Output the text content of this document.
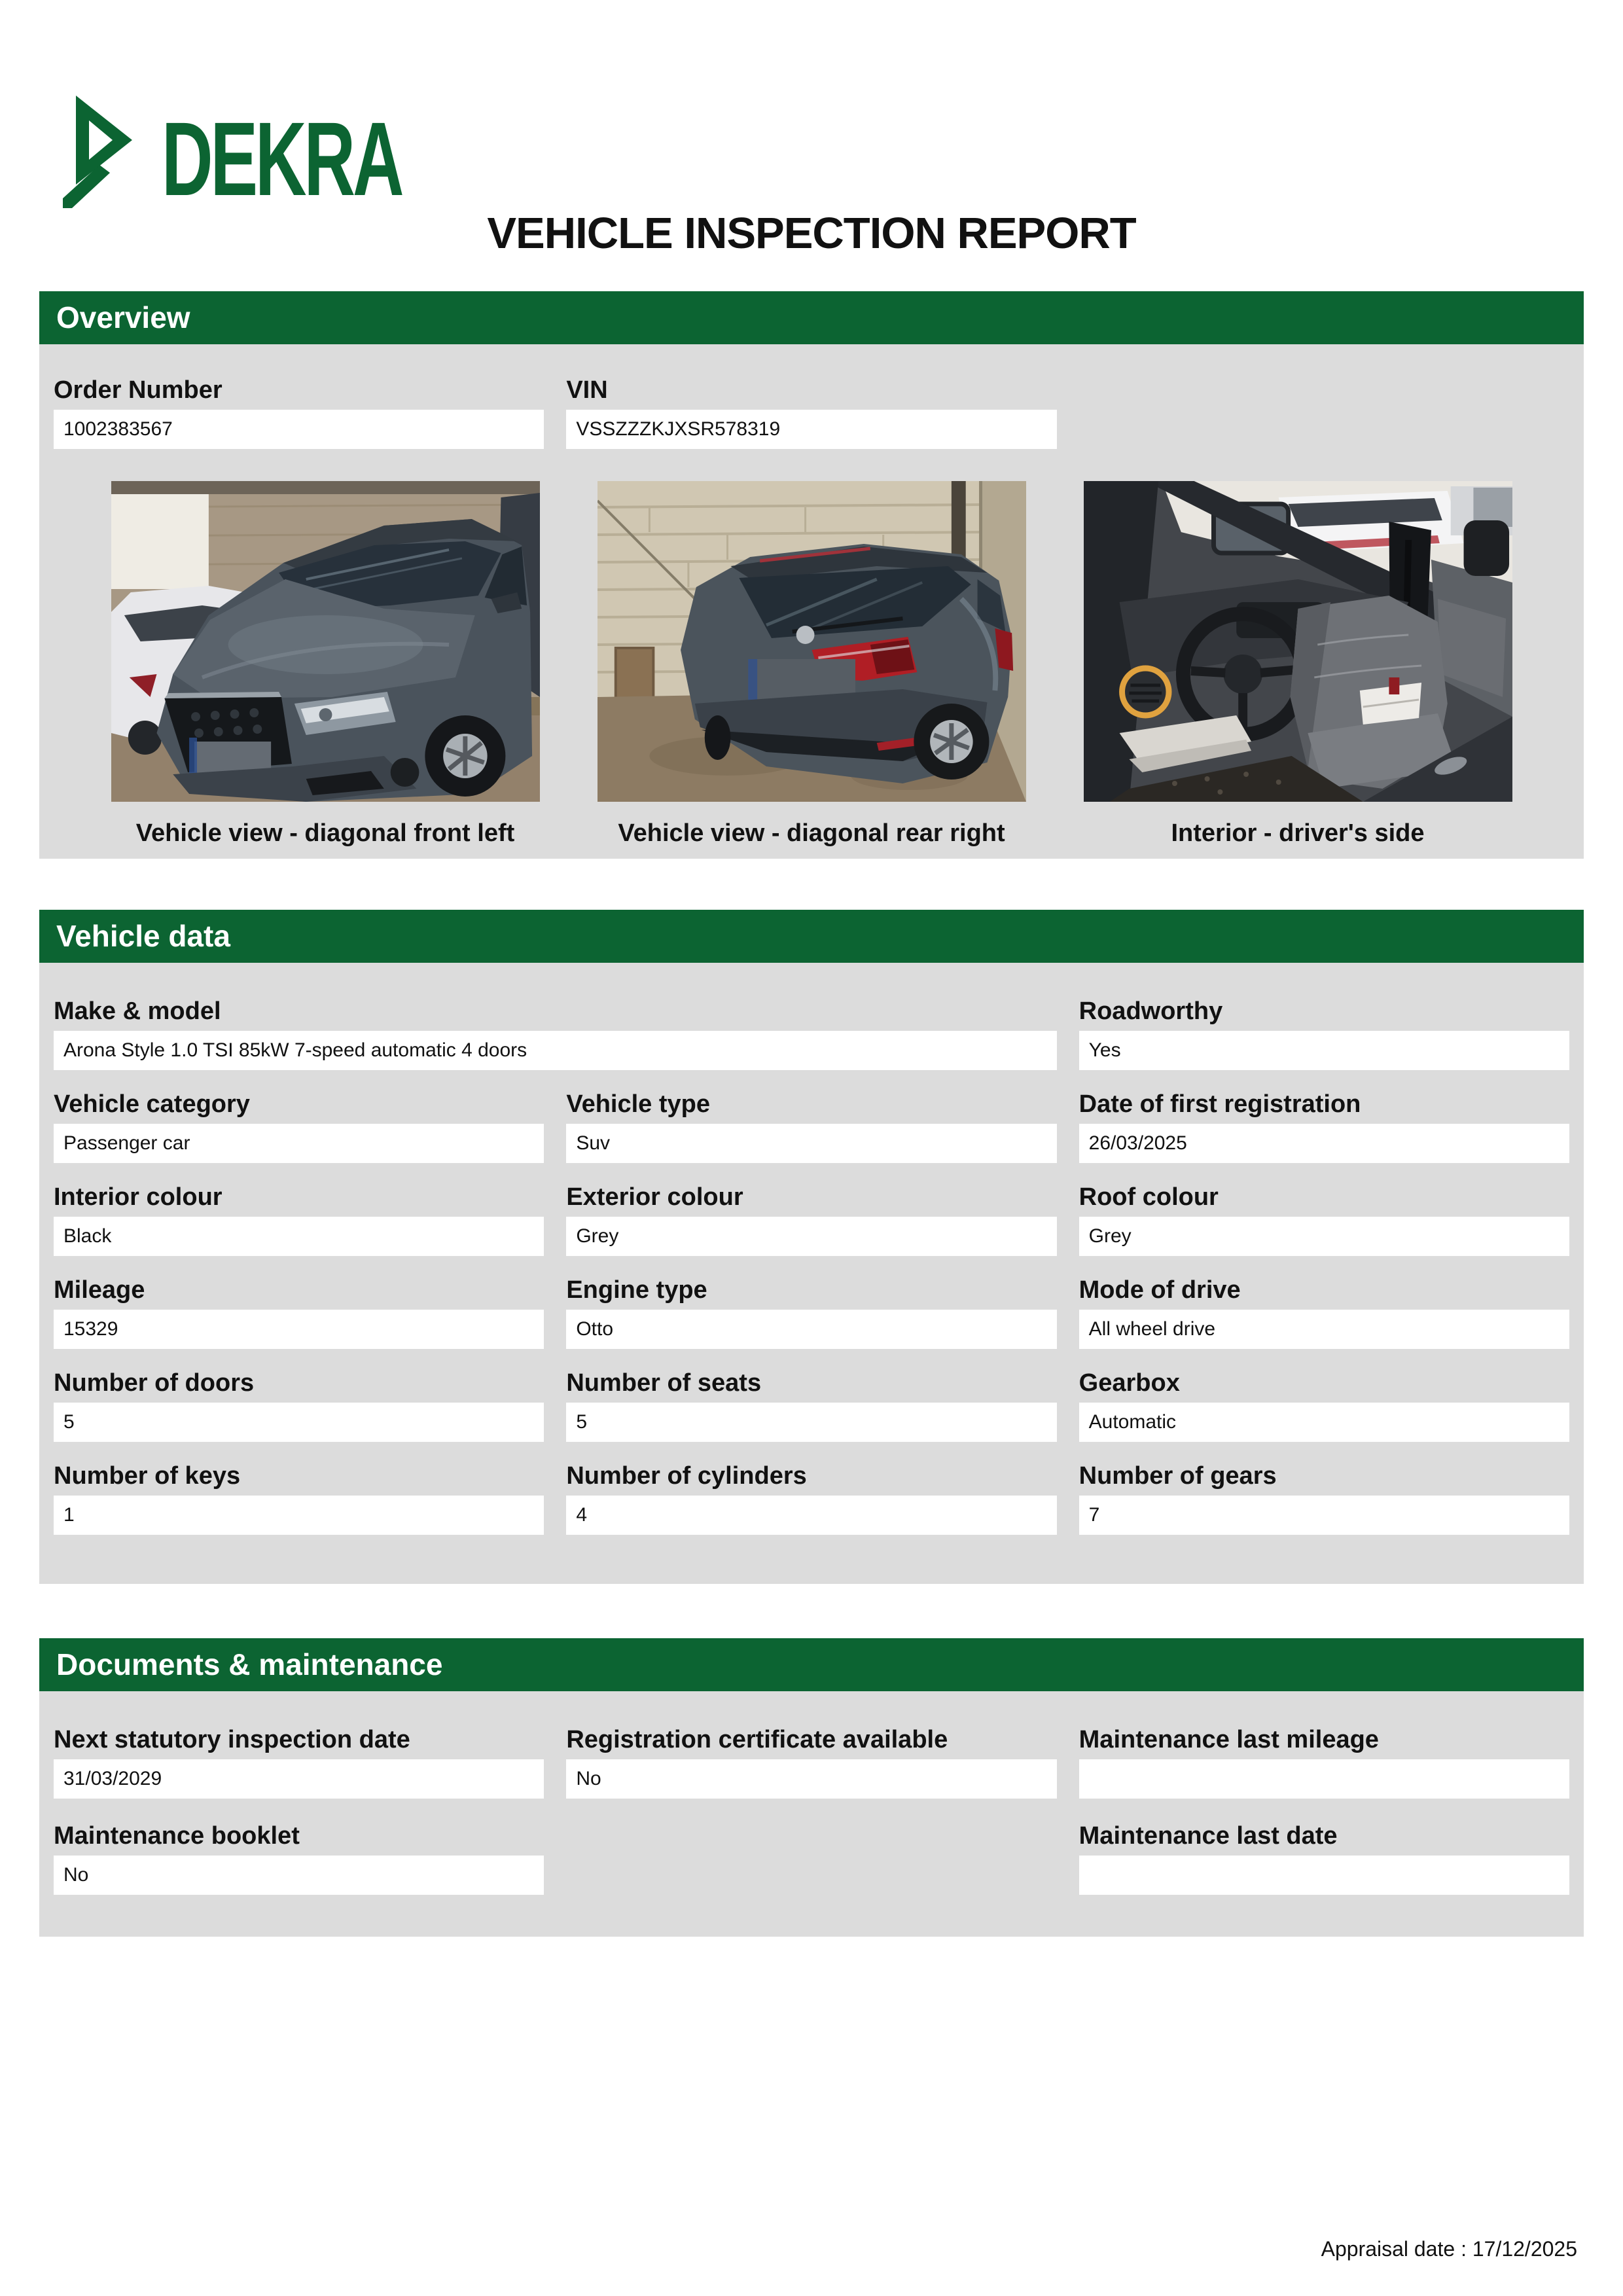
DEKRA
VEHICLE INSPECTION REPORT
Overview
Order Number
1002383567
VIN
VSSZZZKJXSR578319
Vehicle view - diagonal front left	Vehicle view - diagonal rear right	Interior - driver's side
Vehicle data
Make & model
Arona Style 1.0 TSI 85kW 7-speed automatic 4 doors
Roadworthy
Yes
Vehicle category
Passenger car
Vehicle type
Suv
Date of first registration
26/03/2025
Interior colour
Black
Exterior colour
Grey
Roof colour
Grey
Mileage
15329
Engine type
Otto
Mode of drive
All wheel drive
Number of doors
5
Number of seats
5
Gearbox
Automatic
Number of keys
1
Number of cylinders
4
Number of gears
7
Documents & maintenance
Next statutory inspection date
31/03/2029
Registration certificate available
No
Maintenance last mileage
Maintenance booklet
No
Maintenance last date
Appraisal date : 17/12/2025
